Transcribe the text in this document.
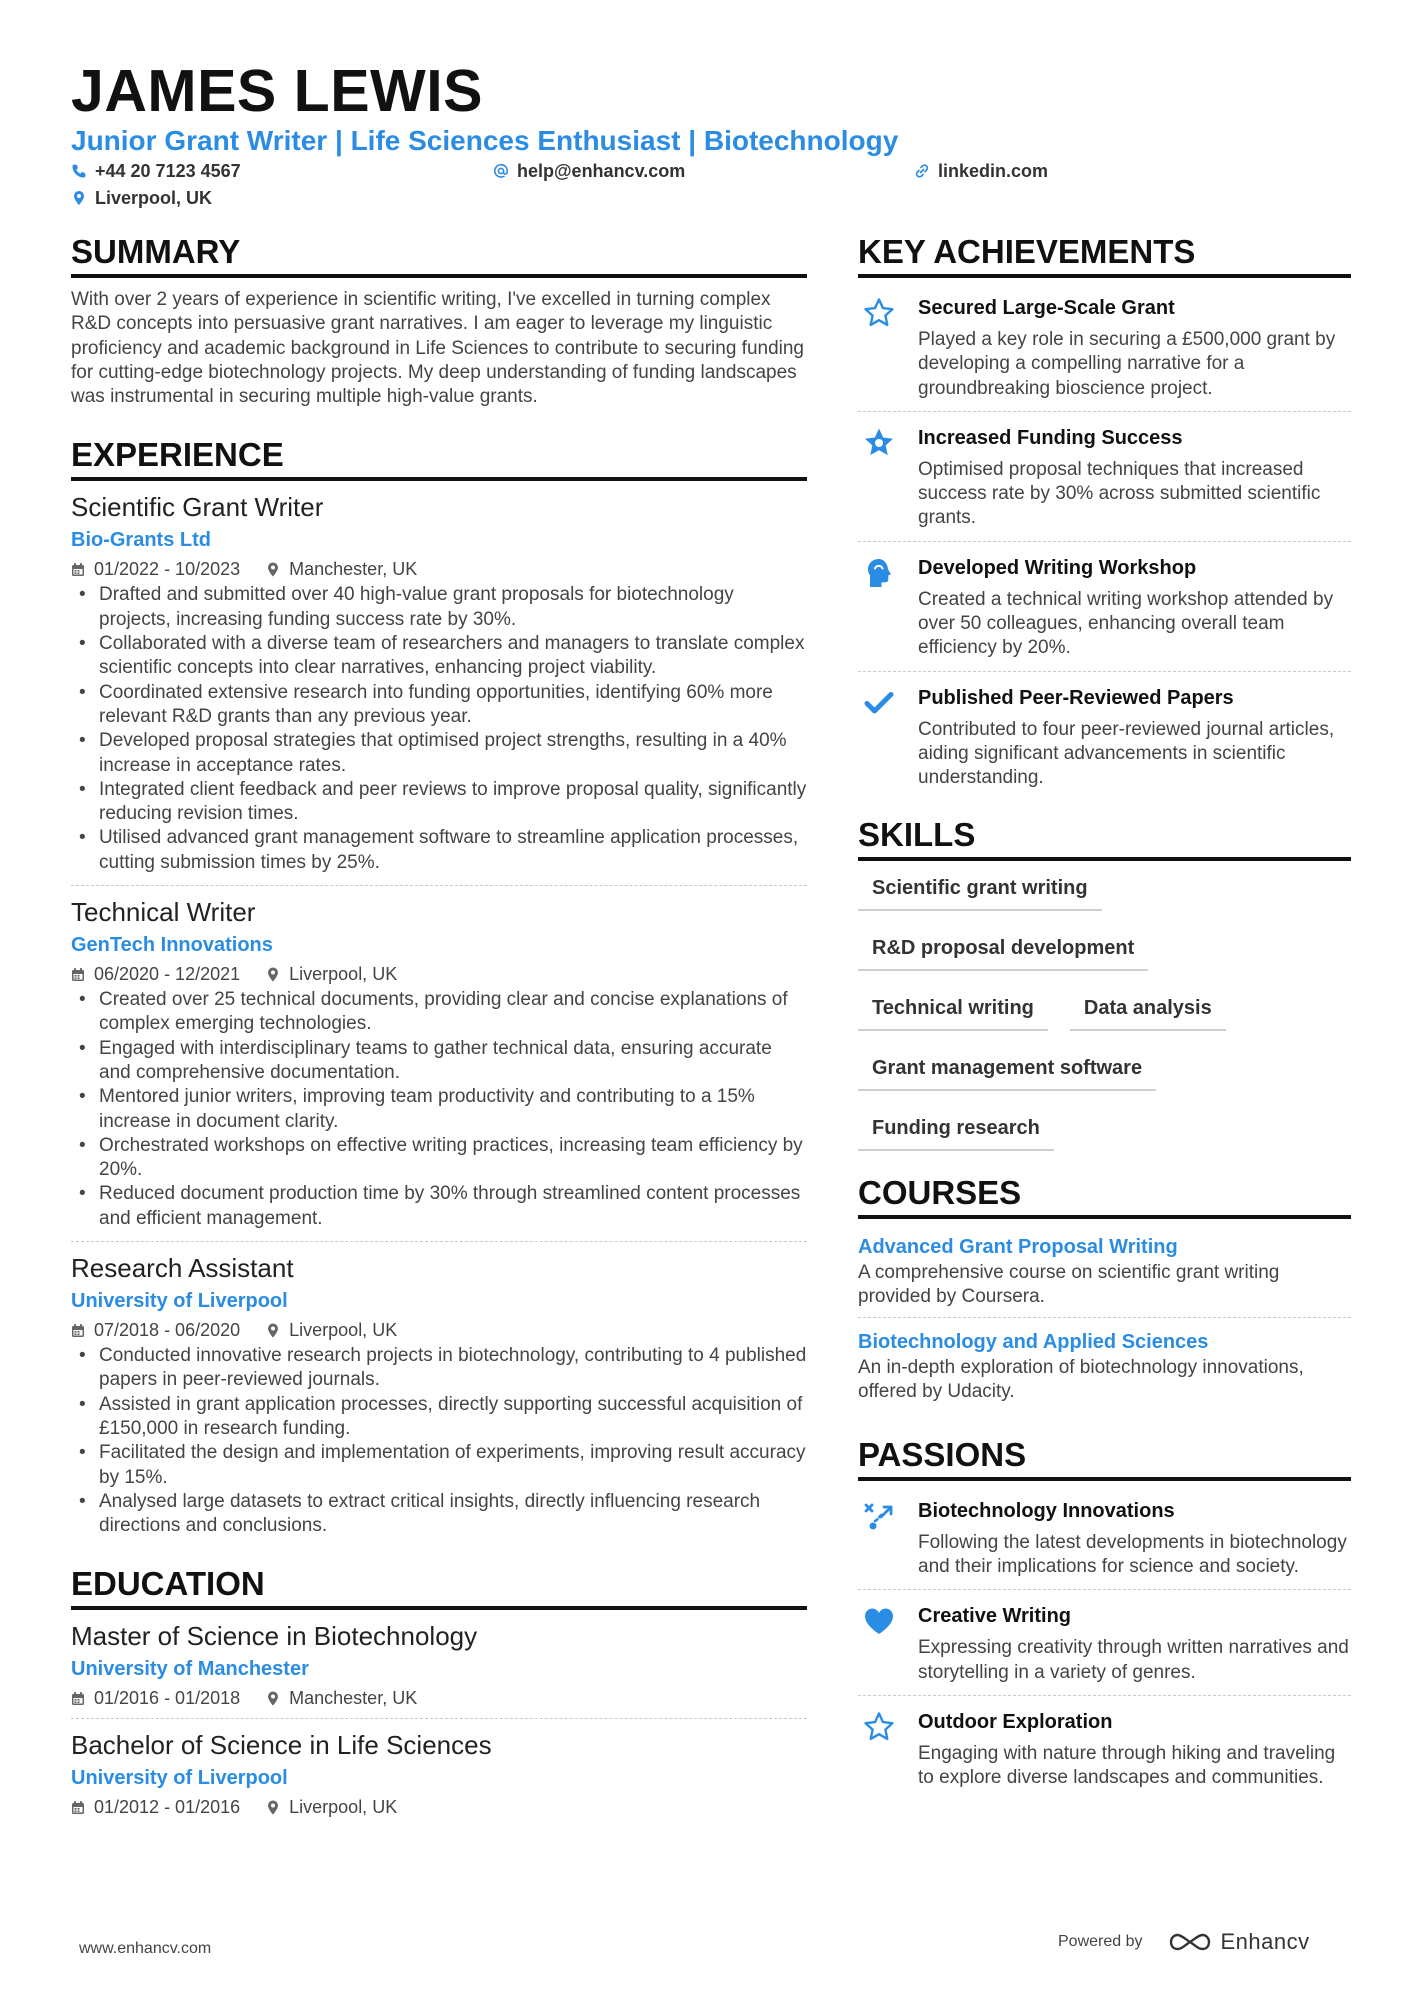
JAMES LEWIS
Junior Grant Writer | Life Sciences Enthusiast | Biotechnology
+44 20 7123 4567	help@enhancv.com	linkedin.com
Liverpool, UK
SUMMARY

With over 2 years of experience in scientific writing, I've excelled in turning complex R&D concepts into persuasive grant narratives. I am eager to leverage my linguistic proficiency and academic background in Life Sciences to contribute to securing funding for cutting-edge biotechnology projects. My deep understanding of funding landscapes was instrumental in securing multiple high-value grants.

EXPERIENCE
Scientific Grant Writer
Bio-Grants Ltd
01/2022 - 10/2023	Manchester, UK
• Drafted and submitted over 40 high-value grant proposals for biotechnology projects, increasing funding success rate by 30%.
• Collaborated with a diverse team of researchers and managers to translate complex scientific concepts into clear narratives, enhancing project viability.
• Coordinated extensive research into funding opportunities, identifying 60% more relevant R&D grants than any previous year.
• Developed proposal strategies that optimised project strengths, resulting in a 40% increase in acceptance rates.
• Integrated client feedback and peer reviews to improve proposal quality, significantly reducing revision times.
• Utilised advanced grant management software to streamline application processes, cutting submission times by 25%.
Technical Writer
GenTech Innovations
06/2020 - 12/2021	Liverpool, UK
• Created over 25 technical documents, providing clear and concise explanations of complex emerging technologies.
• Engaged with interdisciplinary teams to gather technical data, ensuring accurate and comprehensive documentation.
• Mentored junior writers, improving team productivity and contributing to a 15% increase in document clarity.
• Orchestrated workshops on effective writing practices, increasing team efficiency by 20%.
• Reduced document production time by 30% through streamlined content processes and efficient management.
Research Assistant
University of Liverpool
07/2018 - 06/2020	Liverpool, UK
• Conducted innovative research projects in biotechnology, contributing to 4 published papers in peer-reviewed journals.
• Assisted in grant application processes, directly supporting successful acquisition of £150,000 in research funding.
• Facilitated the design and implementation of experiments, improving result accuracy by 15%.
• Analysed large datasets to extract critical insights, directly influencing research directions and conclusions.
EDUCATION
Master of Science in Biotechnology
University of Manchester
01/2016 - 01/2018	Manchester, UK
Bachelor of Science in Life Sciences
University of Liverpool
01/2012 - 01/2016	Liverpool, UK
KEY ACHIEVEMENTS
Secured Large-Scale Grant
Played a key role in securing a £500,000 grant by developing a compelling narrative for a groundbreaking bioscience project.
Increased Funding Success
Optimised proposal techniques that increased success rate by 30% across submitted scientific grants.
Developed Writing Workshop
Created a technical writing workshop attended by over 50 colleagues, enhancing overall team efficiency by 20%.
Published Peer-Reviewed Papers
Contributed to four peer-reviewed journal articles, aiding significant advancements in scientific understanding.
SKILLS
Scientific grant writing
R&D proposal development
Technical writing	Data analysis
Grant management software
Funding research
COURSES
Advanced Grant Proposal Writing
A comprehensive course on scientific grant writing provided by Coursera.
Biotechnology and Applied Sciences
An in-depth exploration of biotechnology innovations, offered by Udacity.
PASSIONS
Biotechnology Innovations
Following the latest developments in biotechnology and their implications for science and society.
Creative Writing
Expressing creativity through written narratives and storytelling in a variety of genres.
Outdoor Exploration
Engaging with nature through hiking and traveling to explore diverse landscapes and communities.
www.enhancv.com	Powered by	Enhancv
